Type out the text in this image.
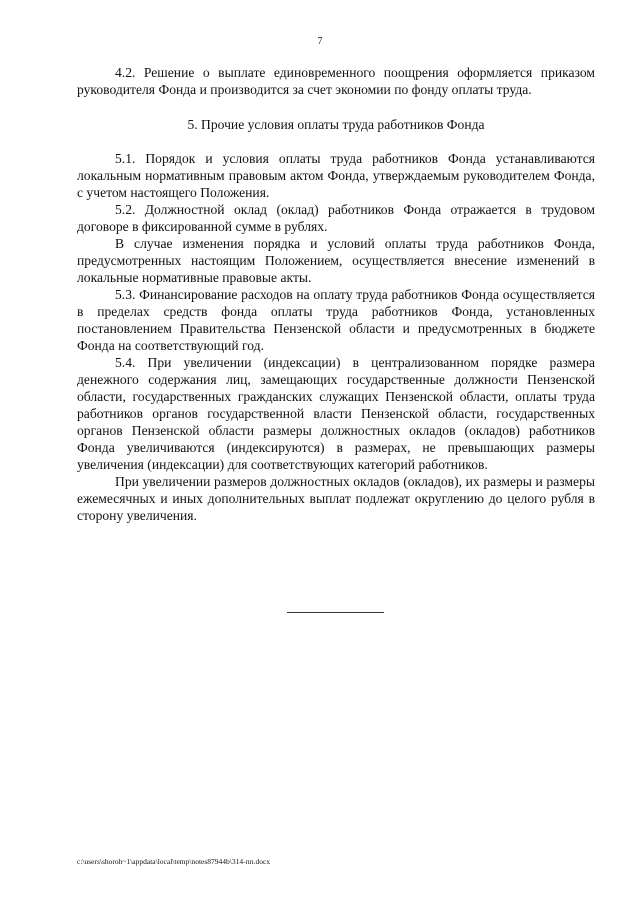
7

4.2. Решение о выплате единовременного поощрения оформляется приказом руководителя Фонда и производится за счет экономии по фонду оплаты труда.

5. Прочие условия оплаты труда работников Фонда

5.1. Порядок и условия оплаты труда работников Фонда устанавливаются локальным нормативным правовым актом Фонда, утверждаемым руководителем Фонда, с учетом настоящего Положения.

5.2. Должностной оклад (оклад) работников Фонда отражается в трудовом договоре в фиксированной сумме в рублях.

В случае изменения порядка и условий оплаты труда работников Фонда, предусмотренных настоящим Положением, осуществляется внесение изменений в локальные нормативные правовые акты.

5.3. Финансирование расходов на оплату труда работников Фонда осуществляется в пределах средств фонда оплаты труда работников Фонда, установленных постановлением Правительства Пензенской области и предусмотренных в бюджете Фонда на соответствующий год.

5.4. При увеличении (индексации) в централизованном порядке размера денежного содержания лиц, замещающих государственные должности Пензенской области, государственных гражданских служащих Пензенской области, оплаты труда работников органов государственной власти Пензенской области, государственных органов Пензенской области размеры должностных окладов (окладов) работников Фонда увеличиваются (индексируются) в размерах, не превышающих размеры увеличения (индексации) для соответствующих категорий работников.

При увеличении размеров должностных окладов (окладов), их размеры и размеры ежемесячных и иных дополнительных выплат подлежат округлению до целого рубля в сторону увеличения.

c:\users\shoroh~1\appdata\local\temp\notes87944b\314-пп.docx
